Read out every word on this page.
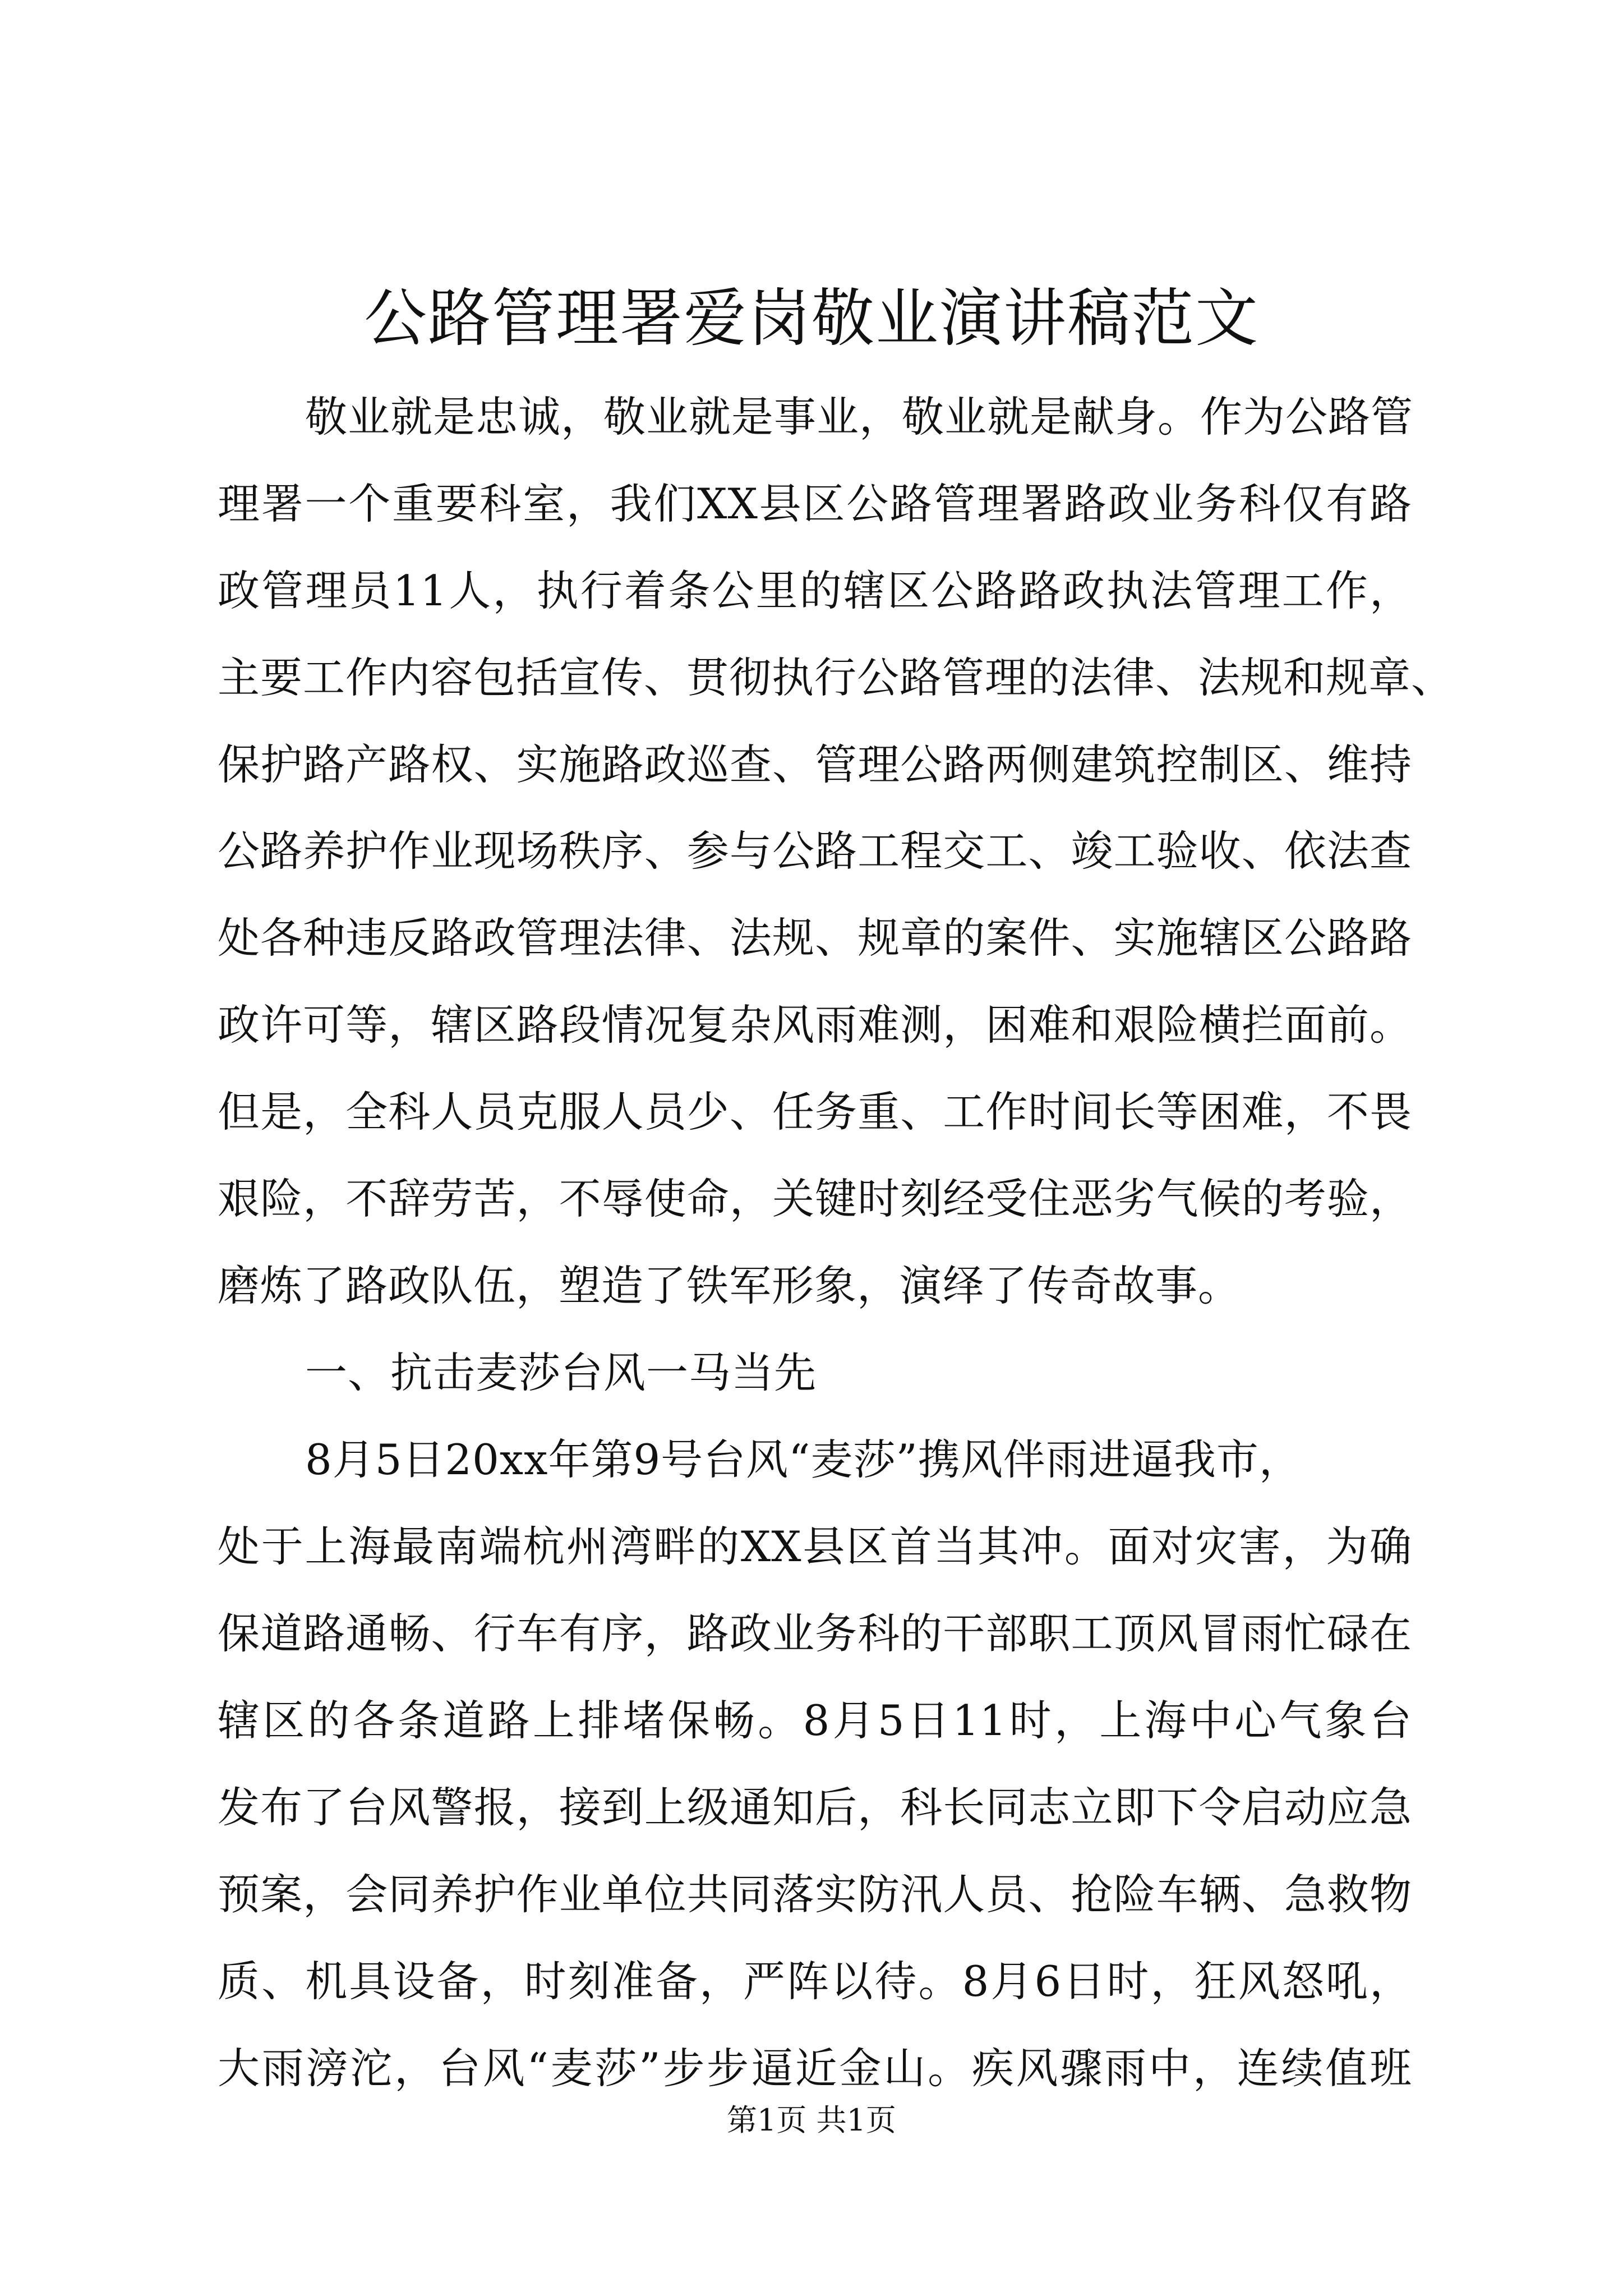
公路管理署爱岗敬业演讲稿范文
敬业就是忠诚，敬业就是事业，敬业就是献身。作为公路管
理署一个重要科室，我们XX县区公路管理署路政业务科仅有路
政管理员11人，执行着条公里的辖区公路路政执法管理工作，
主要工作内容包括宣传、贯彻执行公路管理的法律、法规和规章、
保护路产路权、实施路政巡查、管理公路两侧建筑控制区、维持
公路养护作业现场秩序、参与公路工程交工、竣工验收、依法查
处各种违反路政管理法律、法规、规章的案件、实施辖区公路路
政许可等，辖区路段情况复杂风雨难测，困难和艰险横拦面前。
但是，全科人员克服人员少、任务重、工作时间长等困难，不畏
艰险，不辞劳苦，不辱使命，关键时刻经受住恶劣气候的考验，
磨炼了路政队伍，塑造了铁军形象，演绎了传奇故事。
一、抗击麦莎台风一马当先
8月5日20xx年第9号台风“麦莎”携风伴雨进逼我市，
处于上海最南端杭州湾畔的XX县区首当其冲。面对灾害，为确
保道路通畅、行车有序，路政业务科的干部职工顶风冒雨忙碌在
辖区的各条道路上排堵保畅。8月5日11时，上海中心气象台
发布了台风警报，接到上级通知后，科长同志立即下令启动应急
预案，会同养护作业单位共同落实防汛人员、抢险车辆、急救物
质、机具设备，时刻准备，严阵以待。8月6日时，狂风怒吼，
大雨滂沱，台风“麦莎”步步逼近金山。疾风骤雨中，连续值班
第1页 共1页
